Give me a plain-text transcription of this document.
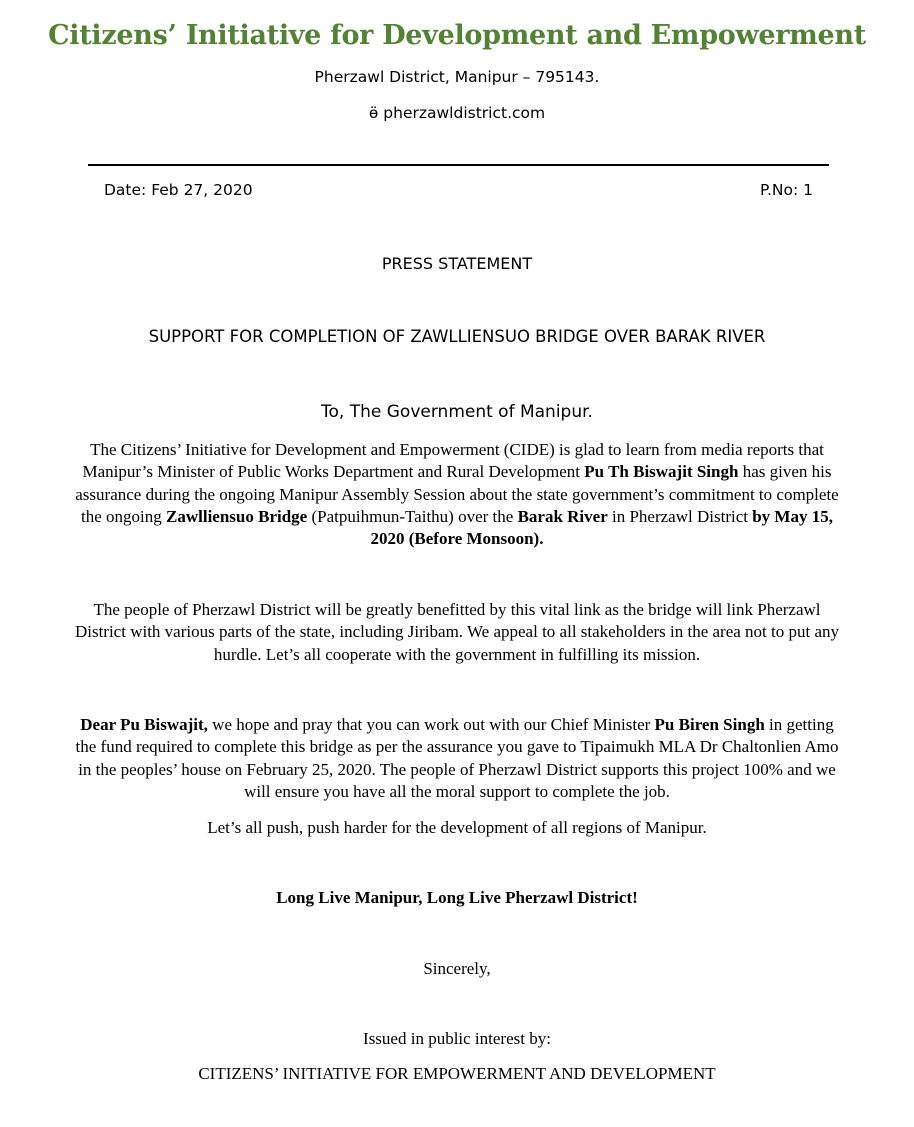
Citizens’ Initiative for Development and Empowerment
Pherzawl District, Manipur – 795143.
ӫ pherzawldistrict.com
Date: Feb 27, 2020	P.No: 1
PRESS STATEMENT
SUPPORT FOR COMPLETION OF ZAWLLIENSUO BRIDGE OVER BARAK RIVER
To, The Government of Manipur.
The Citizens’ Initiative for Development and Empowerment (CIDE) is glad to learn from media reports that Manipur’s Minister of Public Works Department and Rural Development Pu Th Biswajit Singh has given his assurance during the ongoing Manipur Assembly Session about the state government’s commitment to complete the ongoing Zawlliensuo Bridge (Patpuihmun-Taithu) over the Barak River in Pherzawl District by May 15, 2020 (Before Monsoon).
The people of Pherzawl District will be greatly benefitted by this vital link as the bridge will link Pherzawl District with various parts of the state, including Jiribam. We appeal to all stakeholders in the area not to put any hurdle. Let’s all cooperate with the government in fulfilling its mission.
Dear Pu Biswajit, we hope and pray that you can work out with our Chief Minister Pu Biren Singh in getting the fund required to complete this bridge as per the assurance you gave to Tipaimukh MLA Dr Chaltonlien Amo in the peoples’ house on February 25, 2020. The people of Pherzawl District supports this project 100% and we will ensure you have all the moral support to complete the job.
Let’s all push, push harder for the development of all regions of Manipur.
Long Live Manipur, Long Live Pherzawl District!
Sincerely,
Issued in public interest by:
CITIZENS’ INITIATIVE FOR EMPOWERMENT AND DEVELOPMENT
